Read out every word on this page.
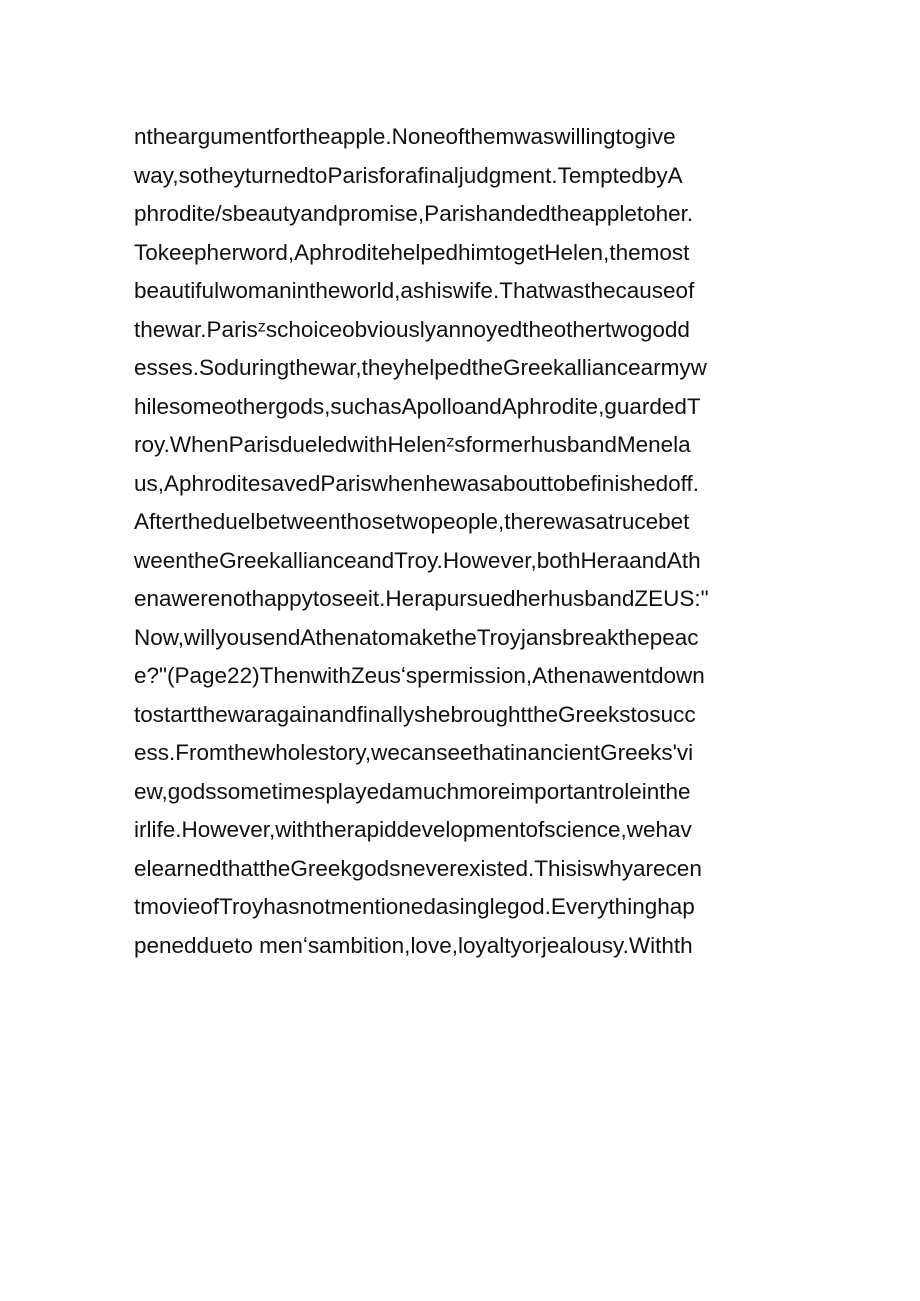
ntheargumentfortheapple.Noneofthemwaswillingtogive
way,sotheyturnedtoParisforafinaljudgment.TemptedbyA
phrodite/sbeautyandpromise,Parishandedtheappletoher.
Tokeepherword,AphroditehelpedhimtogetHelen,themost
beautifulwomanintheworld,ashiswife.Thatwasthecauseof
thewar.Parisᶻschoiceobviouslyannoyedtheothertwogodd
esses.Soduringthewar,theyhelpedtheGreekalliancearmyw
hilesomeothergods,suchasApolloandAphrodite,guardedT
roy.WhenParisdueledwithHelenᶻsformerhusbandMenela
us,AphroditesavedPariswhenhewasabouttobefinishedoff.
Aftertheduelbetweenthosetwopeople,therewasatrucebet
weentheGreekallianceandTroy.However,bothHeraandAth
enawerenothappytoseeit.HerapursuedherhusbandZEUS:"
Now,willyousendAthenatomaketheTroyjansbreakthepeac
e?"(Page22)ThenwithZeusʻspermission,Athenawentdown
tostartthewaragainandfinallyshebroughttheGreekstosucc
ess.Fromthewholestory,wecanseethatinancientGreeks'vi
ew,godssometimesplayedamuchmoreimportantroleinthe
irlife.However,withtherapiddevelopmentofscience,wehav
elearnedthattheGreekgodsneverexisted.Thisiswhyarecen
tmovieofTroyhasnotmentionedasinglegod.Everythinghap
peneddueto menʻsambition,love,loyaltyorjealousy.Withth
